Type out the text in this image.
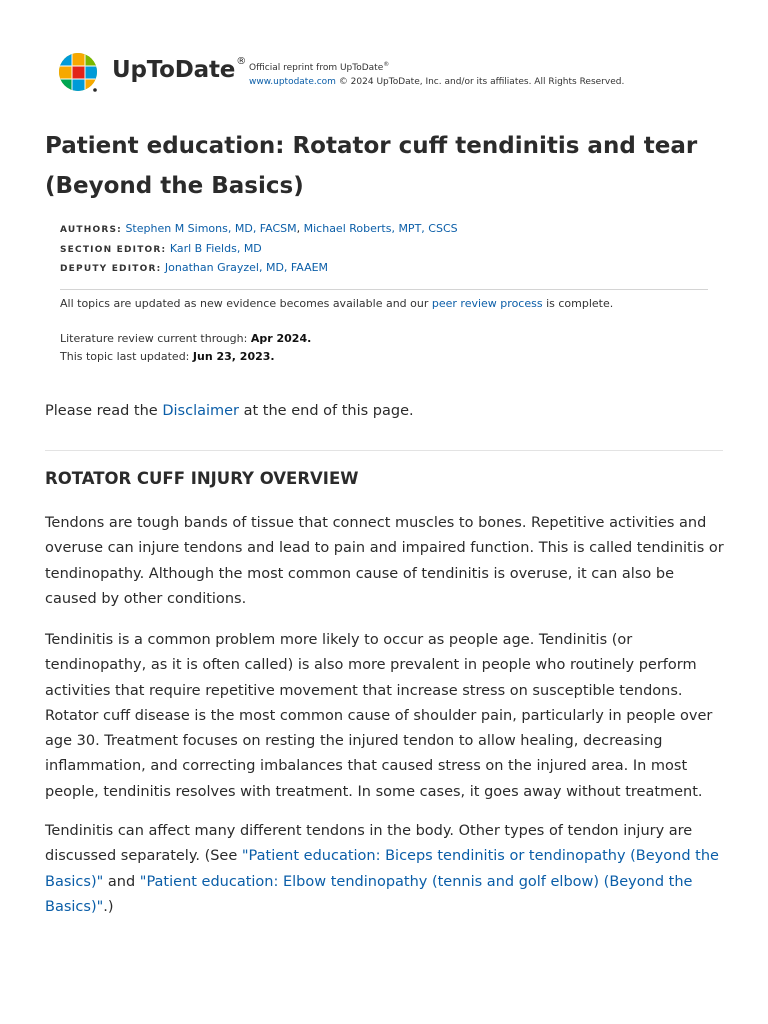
UpToDate®
Official reprint from UpToDate®
www.uptodate.com © 2024 UpToDate, Inc. and/or its affiliates. All Rights Reserved.
Patient education: Rotator cuff tendinitis and tear (Beyond the Basics)
AUTHORS: Stephen M Simons, MD, FACSM, Michael Roberts, MPT, CSCS
SECTION EDITOR: Karl B Fields, MD
DEPUTY EDITOR: Jonathan Grayzel, MD, FAAEM
All topics are updated as new evidence becomes available and our peer review process is complete.
Literature review current through: Apr 2024.
This topic last updated: Jun 23, 2023.
Please read the Disclaimer at the end of this page.
ROTATOR CUFF INJURY OVERVIEW

Tendons are tough bands of tissue that connect muscles to bones. Repetitive activities and overuse can injure tendons and lead to pain and impaired function. This is called tendinitis or tendinopathy. Although the most common cause of tendinitis is overuse, it can also be caused by other conditions.

Tendinitis is a common problem more likely to occur as people age. Tendinitis (or tendinopathy, as it is often called) is also more prevalent in people who routinely perform activities that require repetitive movement that increase stress on susceptible tendons. Rotator cuff disease is the most common cause of shoulder pain, particularly in people over age 30. Treatment focuses on resting the injured tendon to allow healing, decreasing inflammation, and correcting imbalances that caused stress on the injured area. In most people, tendinitis resolves with treatment. In some cases, it goes away without treatment.

Tendinitis can affect many different tendons in the body. Other types of tendon injury are discussed separately. (See "Patient education: Biceps tendinitis or tendinopathy (Beyond the Basics)" and "Patient education: Elbow tendinopathy (tennis and golf elbow) (Beyond the Basics)".)
